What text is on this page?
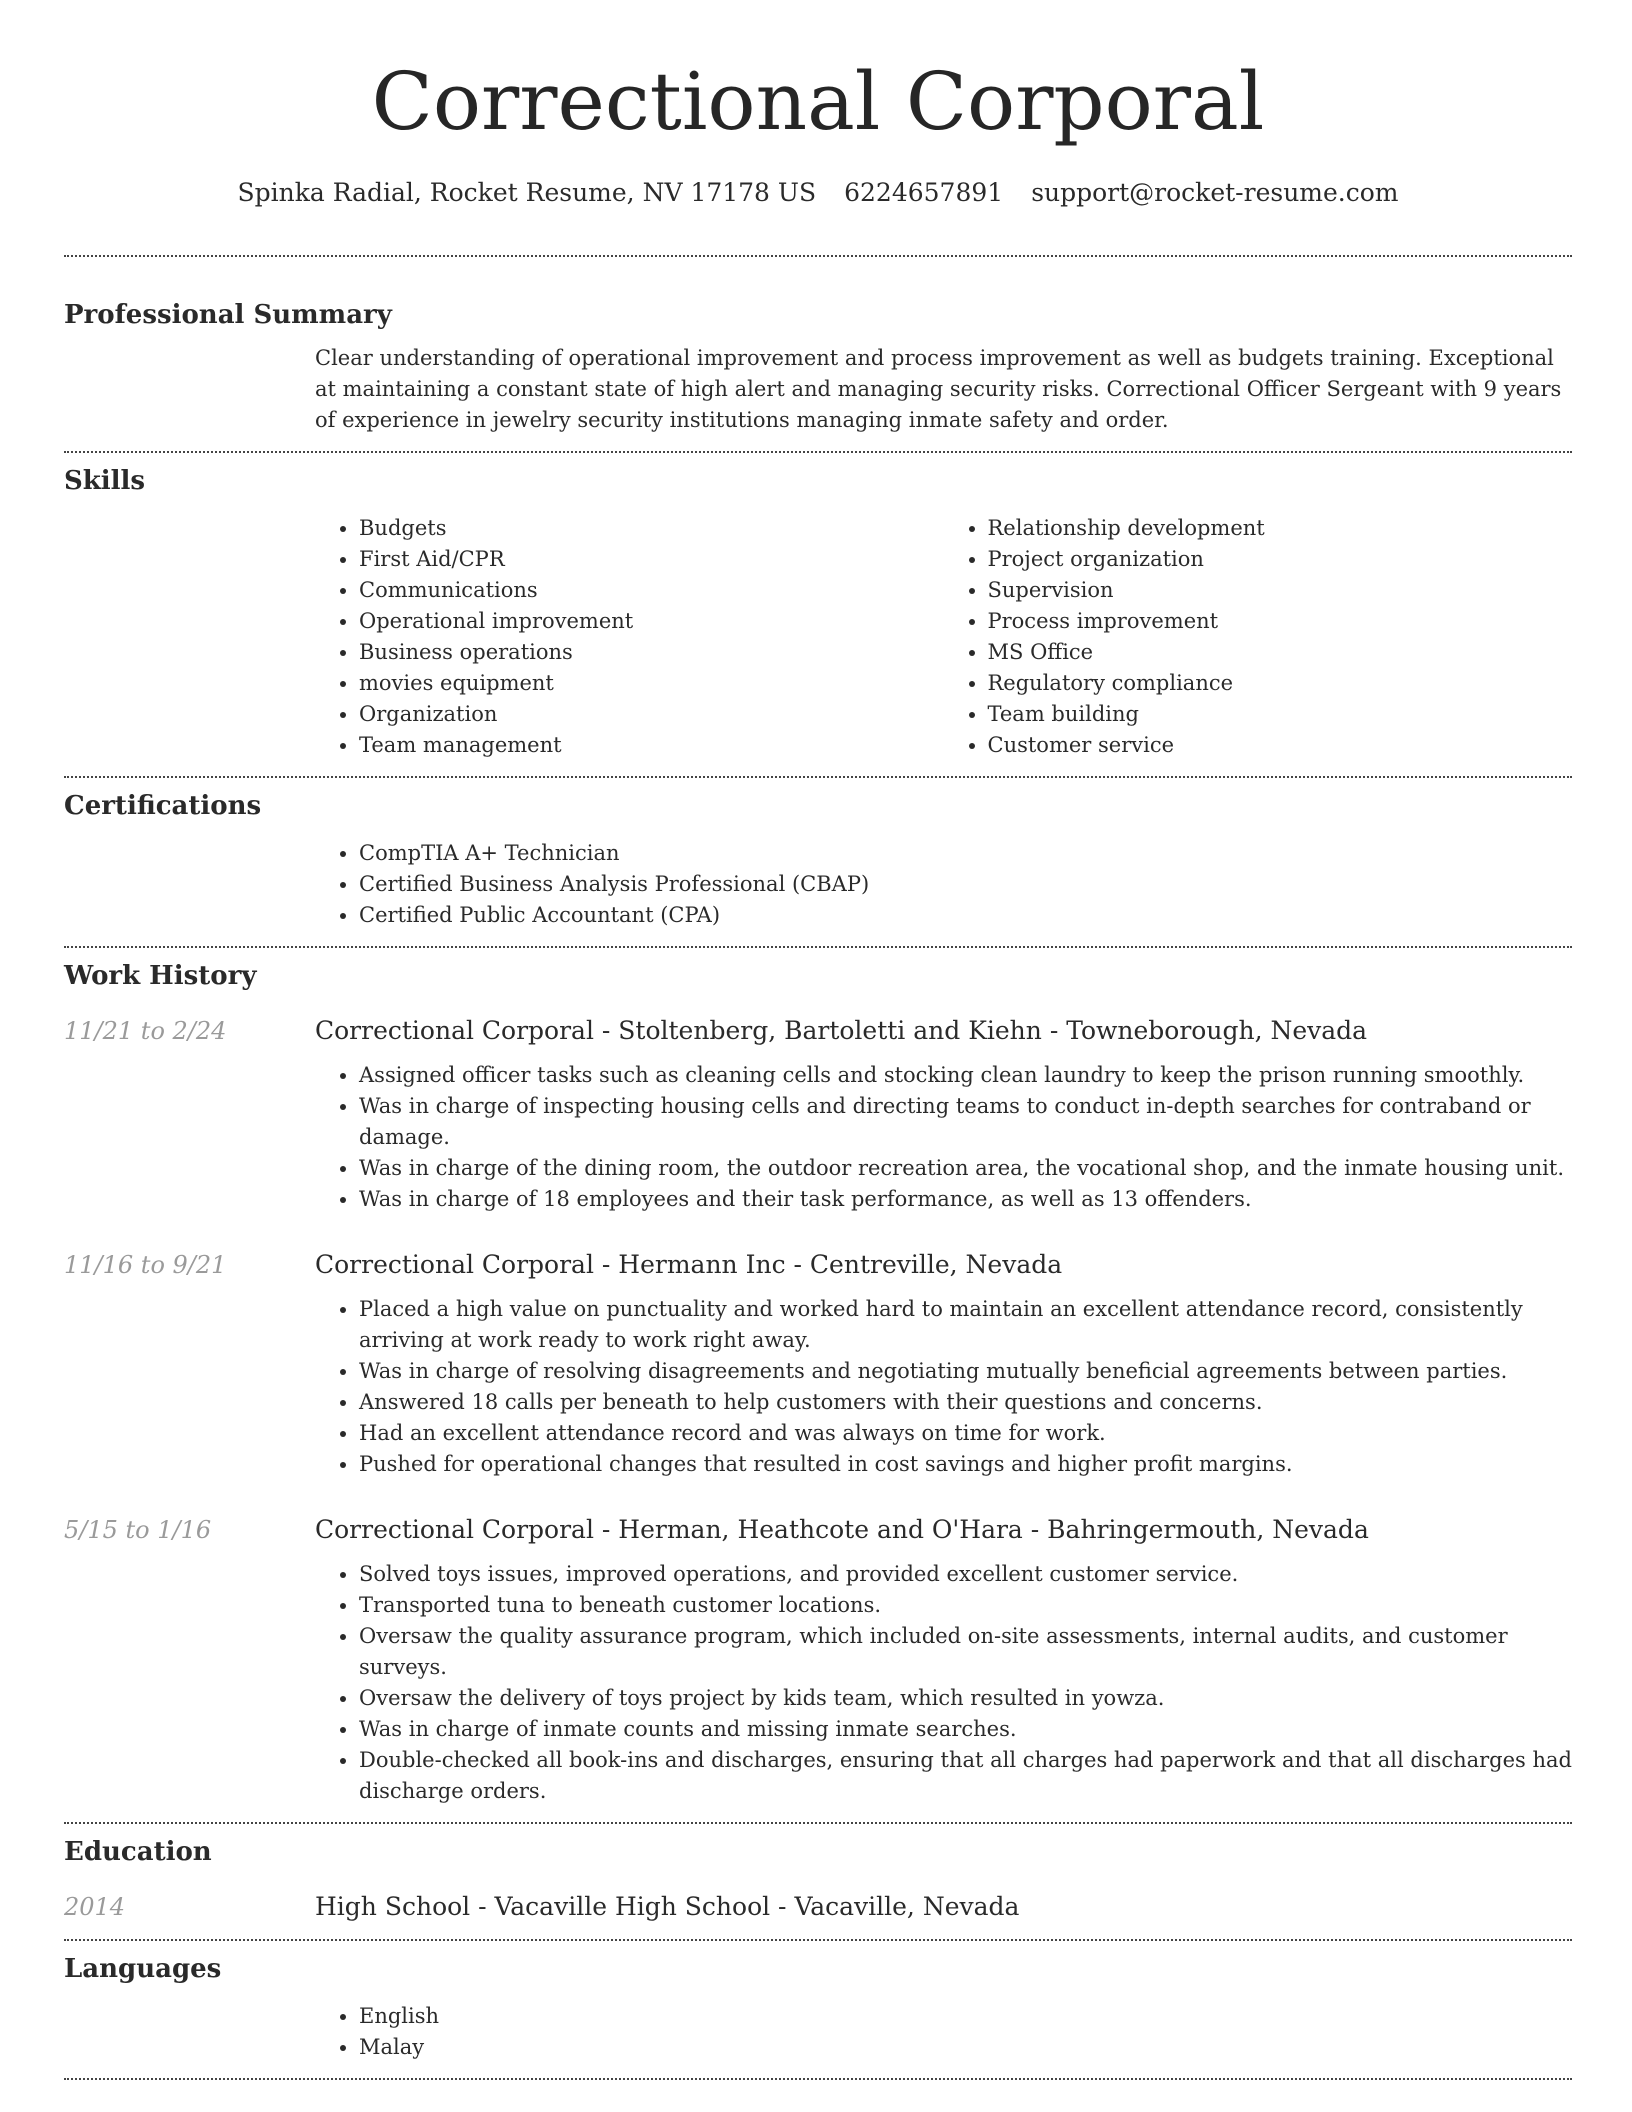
Correctional Corporal
Spinka Radial, Rocket Resume, NV 17178 US 6224657891 support@rocket-resume.com
Professional Summary

Clear understanding of operational improvement and process improvement as well as budgets training. Exceptional at maintaining a constant state of high alert and managing security risks. Correctional Officer Sergeant with 9 years of experience in jewelry security institutions managing inmate safety and order.

Skills
• Budgets
• First Aid/CPR
• Communications
• Operational improvement
• Business operations
• movies equipment
• Organization
• Team management
• Relationship development
• Project organization
• Supervision
• Process improvement
• MS Office
• Regulatory compliance
• Team building
• Customer service
Certifications
• CompTIA A+ Technician
• Certified Business Analysis Professional (CBAP)
• Certified Public Accountant (CPA)
Work History
11/21 to 2/24	Correctional Corporal - Stoltenberg, Bartoletti and Kiehn - Towneborough, Nevada
• Assigned officer tasks such as cleaning cells and stocking clean laundry to keep the prison running smoothly.
• Was in charge of inspecting housing cells and directing teams to conduct in-depth searches for contraband or damage.
• Was in charge of the dining room, the outdoor recreation area, the vocational shop, and the inmate housing unit.
• Was in charge of 18 employees and their task performance, as well as 13 offenders.
11/16 to 9/21	Correctional Corporal - Hermann Inc - Centreville, Nevada
• Placed a high value on punctuality and worked hard to maintain an excellent attendance record, consistently arriving at work ready to work right away.
• Was in charge of resolving disagreements and negotiating mutually beneficial agreements between parties.
• Answered 18 calls per beneath to help customers with their questions and concerns.
• Had an excellent attendance record and was always on time for work.
• Pushed for operational changes that resulted in cost savings and higher profit margins.
5/15 to 1/16	Correctional Corporal - Herman, Heathcote and O'Hara - Bahringermouth, Nevada
• Solved toys issues, improved operations, and provided excellent customer service.
• Transported tuna to beneath customer locations.
• Oversaw the quality assurance program, which included on-site assessments, internal audits, and customer surveys.
• Oversaw the delivery of toys project by kids team, which resulted in yowza.
• Was in charge of inmate counts and missing inmate searches.
• Double-checked all book-ins and discharges, ensuring that all charges had paperwork and that all discharges had discharge orders.
Education
2014	High School - Vacaville High School - Vacaville, Nevada
Languages
• English
• Malay
